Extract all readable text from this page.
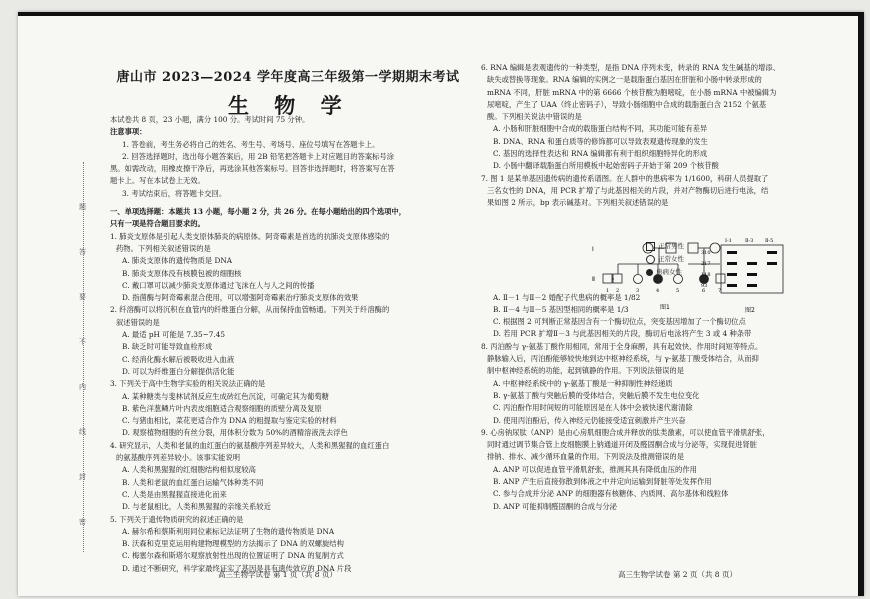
题
答
要
不
内
线
封
密
唐山市 2023—2024 学年度高三年级第一学期期末考试
生 物 学

本试卷共 8 页，23 小题，满分 100 分。考试时间 75 分钟。

注意事项：

1. 答卷前，考生务必将自己的姓名、考生号、考场号、座位号填写在答题卡上。

2. 回答选择题时，选出每小题答案后，用 2B 铅笔把答题卡上对应题目的答案标号涂

黑。如需改动，用橡皮擦干净后，再选涂其他答案标号。回答非选择题时，将答案写在答

题卡上。写在本试卷上无效。

3. 考试结束后，将答题卡交回。

一、单项选择题：本题共 13 小题，每小题 2 分，共 26 分。在每小题给出的四个选项中，

只有一项是符合题目要求的。

1. 肺炎支原体是引起人类支原体肺炎的病原体。阿奇霉素是首选的抗肺炎支原体感染的

药物。下列相关叙述错误的是

A. 肺炎支原体的遗传物质是 DNA

B. 肺炎支原体没有核膜包被的细胞核

C. 戴口罩可以减少肺炎支原体通过飞沫在人与人之间的传播

D. 指菌酶与阿奇霉素混合使用，可以增强阿奇霉素治疗肺炎支原体的效果

2. 纤溶酶可以将沉积在血管内的纤维蛋白分解，从而保持血管畅通。下列关于纤溶酶的

叙述错误的是

A. 最适 pH 可能是 7.35~7.45

B. 缺乏时可能导致血栓形成

C. 经消化酶水解后被吸收进入血液

D. 可以为纤维蛋白分解提供活化能

3. 下列关于高中生物学实验的相关说法正确的是

A. 某种糖类与斐林试剂反应生成砖红色沉淀，可确定其为葡萄糖

B. 紫色洋葱鳞片叶内表皮细胞适合观察细胞的质壁分离及复原

C. 与猪血相比，菜花更适合作为 DNA 的粗提取与鉴定实验的材料

D. 观察植物细胞的有丝分裂，用体积分数为 50%的酒精溶液洗去浮色

4. 研究显示，人类和老鼠的血红蛋白的氨基酸序列差异较大，人类和黑猩猩的血红蛋白

的氨基酸序列差异较小。该事实能说明

A. 人类和黑猩猩的红细胞结构相似度较高

B. 人类和老鼠的血红蛋白运输气体种类不同

C. 人类是由黑猩猩直接进化而来

D. 与老鼠相比，人类和黑猩猩的亲缘关系较近

5. 下列关于遗传物质研究的叙述正确的是

A. 赫尔希和蔡斯利用同位素标记法证明了生物的遗传物质是 DNA

B. 沃森和克里克运用构建物理模型的方法揭示了 DNA 的双螺旋结构

C. 梅塞尔森和斯塔尔观察放射性出现的位置证明了 DNA 的复制方式

D. 通过不断研究，科学家最终证实了基因是具有遗传效应的 DNA 片段

6. RNA 编辑是表观遗传的一种类型，是指 DNA 序列未变，转录的 RNA 发生碱基的增添、

缺失或替换等现象。RNA 编辑的实例之一是载脂蛋白基因在肝脏和小肠中转录形成的

mRNA 不同，肝脏 mRNA 中的第 6666 个核苷酸为胞嘧啶，在小肠 mRNA 中被编辑为

尿嘧啶，产生了 UAA（终止密码子），导致小肠细胞中合成的载脂蛋白含 2152 个氨基

酸。下列相关说法中错误的是

A. 小肠和肝脏细胞中合成的载脂蛋白结构不同，其功能可能有差异

B. DNA、RNA 和蛋白质等的修饰都可以导致表观遗传现象的发生

C. 基因的选择性表达和 RNA 编辑都有利于组织细胞特异化的形成

D. 小肠中翻译载脂蛋白所用模板中起始密码子开始于第 209 个核苷酸

7. 图 1 是某单基因遗传病的遗传系谱图。在人群中的患病率为 1/1600，科研人员提取了

三名女性的 DNA，用 PCR 扩增了与此基因相关的片段，并对产物酶切后进行电泳，结

果如图 2 所示，bp 表示碱基对。下列相关叙述错误的是

A. Ⅱ－1 与Ⅱ－2 婚配子代患病的概率是 1/82

B. Ⅱ－4 与Ⅱ－5 基因型相同的概率是 1/3

C. 根据图 2 可判断正常基因含有一个酶切位点，突变基因增加了一个酶切位点

D. 若用 PCR 扩增Ⅱ－3 与此基因相关的片段，酶切后电泳将产生 3 或 4 种条带

8. 丙泊酚与 γ-氨基丁酸作用相同，常用于全身麻醉，具有起效快、作用时间短等特点。

静脉输入后，丙泊酚能够较快地到达中枢神经系统，与 γ-氨基丁酸受体结合，从而抑

制中枢神经系统的功能，起到镇静的作用。下列说法错误的是

A. 中枢神经系统中的 γ-氨基丁酸是一种抑制性神经递质

B. γ-氨基丁酸与突触后膜的受体结合，突触后膜不发生电位变化

C. 丙泊酚作用时间短的可能原因是在人体中会被快速代谢清除

D. 使用丙泊酚后，传入神经元仍能接受适宜刺激并产生兴奋

9. 心房钠尿肽（ANP）是由心房肌细胞合成并释放的肽类激素，可以使血管平滑肌舒张，

同时通过调节集合管上皮细胞膜上钠通道开闭及醛固酮合成与分泌等，实现促进肾脏

排钠、排水、减少循环血量的作用。下列说法及推测错误的是

A. ANP 可以促进血管平滑肌舒张，推测其具有降低血压的作用

B. ANP 产生后直接弥散到体液之中并定向运输到肾脏等处发挥作用

C. 参与合成并分泌 ANP 的细胞器有核糖体、内质网、高尔基体和线粒体

D. ANP 可能抑制醛固酮的合成与分泌

Ⅰ
Ⅱ
1 2	3	4	5	6	7
图1
正常男性
正常女性
患病女性
Ⅰ-1	Ⅱ-3 Ⅱ-5
310
217
118
93
图2
高三生物学试卷 第 1 页（共 8 页）	高三生物学试卷 第 2 页（共 8 页）
